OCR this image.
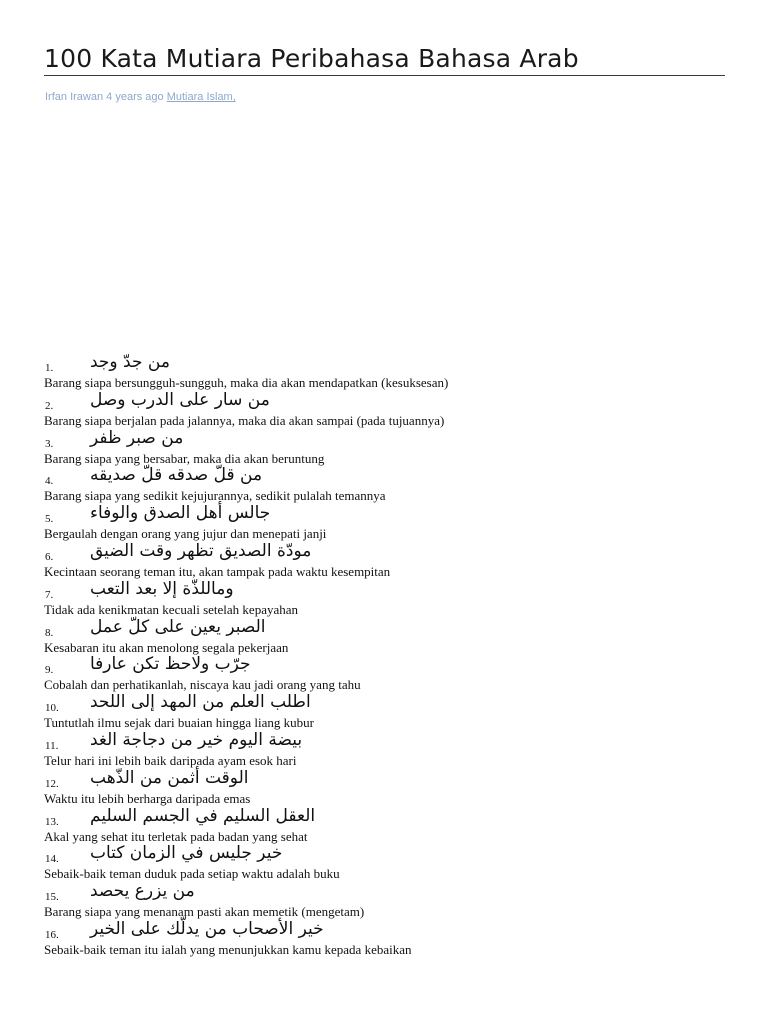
100 Kata Mutiara Peribahasa Bahasa Arab
Irfan Irawan 4 years ago Mutiara Islam,
1. من جدّ وجد
Barang siapa bersungguh-sungguh, maka dia akan mendapatkan (kesuksesan)
2. من سار على الدرب وصل
Barang siapa berjalan pada jalannya, maka dia akan sampai (pada tujuannya)
3. من صبر ظفر
Barang siapa yang bersabar, maka dia akan beruntung
4. من قلّ صدقه قلّ صديقه
Barang siapa yang sedikit kejujurannya, sedikit pulalah temannya
5. جالس أهل الصدق والوفاء
Bergaulah dengan orang yang jujur dan menepati janji
6. مودّة الصديق تظهر وقت الضيق
Kecintaan seorang teman itu, akan tampak pada waktu kesempitan
7. وماللذّة إلا بعد التعب
Tidak ada kenikmatan kecuali setelah kepayahan
8. الصبر يعين على كلّ عمل
Kesabaran itu akan menolong segala pekerjaan
9. جرّب ولاحظ تكن عارفا
Cobalah dan perhatikanlah, niscaya kau jadi orang yang tahu
10. اطلب العلم من المهد إلى اللحد
Tuntutlah ilmu sejak dari buaian hingga liang kubur
11. بيضة اليوم خير من دجاجة الغد
Telur hari ini lebih baik daripada ayam esok hari
12. الوقت أثمن من الذّهب
Waktu itu lebih berharga daripada emas
13. العقل السليم في الجسم السليم
Akal yang sehat itu terletak pada badan yang sehat
14. خير جليس في الزمان كتاب
Sebaik-baik teman duduk pada setiap waktu adalah buku
15. من يزرع يحصد
Barang siapa yang menanam pasti akan memetik (mengetam)
16. خير الأصحاب من يدلّك على الخير
Sebaik-baik teman itu ialah yang menunjukkan kamu kepada kebaikan
